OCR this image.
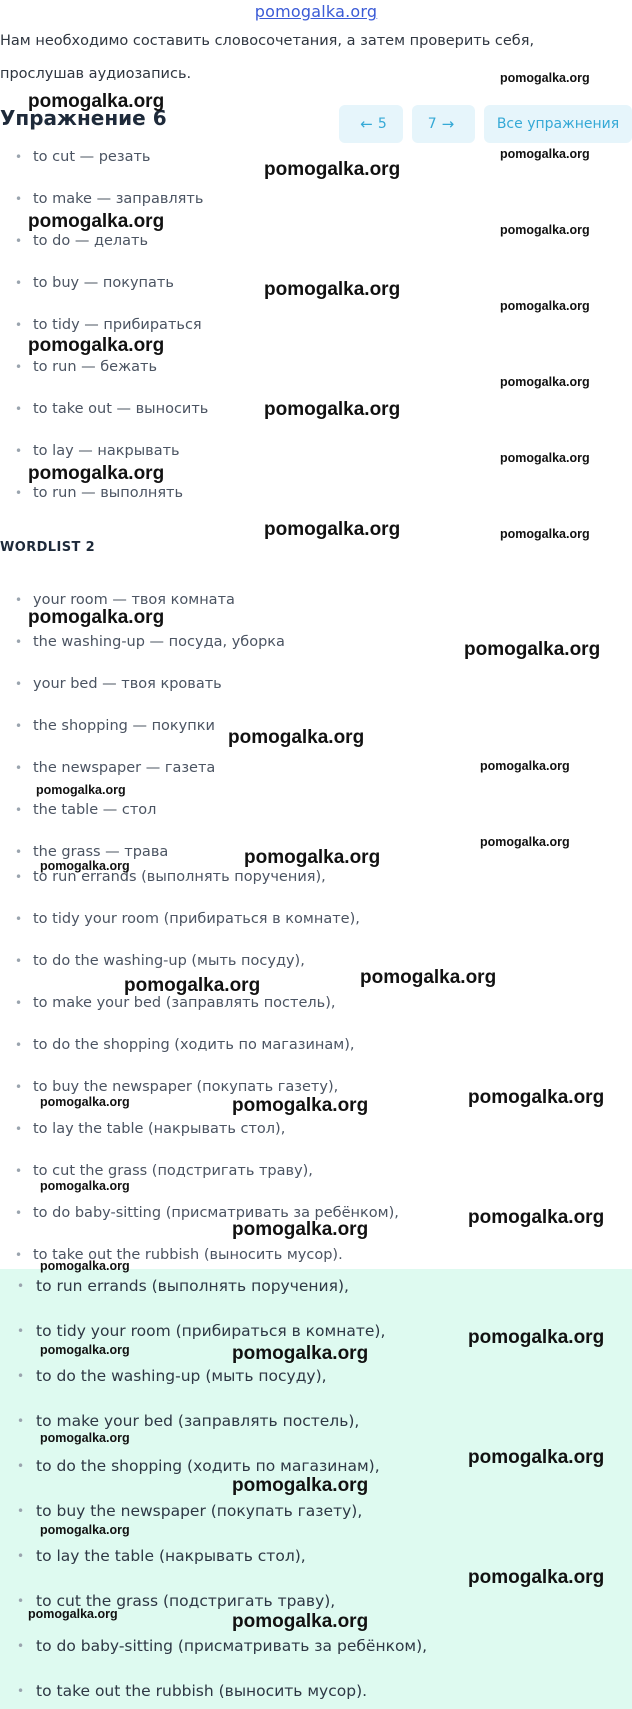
pomogalka.org
Нам необходимо составить словосочетания, а затем проверить себя,
прослушав аудиозапись.
Упражнение 6	← 5	7 →	Все упражнения
• to cut — резать
• to make — заправлять
• to do — делать
• to buy — покупать
• to tidy — прибираться
• to run — бежать
• to take out — выносить
• to lay — накрывать
• to run — выполнять
WORDLIST 2
• your room — твоя комната
• the washing-up — посуда, уборка
• your bed — твоя кровать
• the shopping — покупки
• the newspaper — газета
• the table — стол
• the grass — трава
• to run errands (выполнять поручения),
• to tidy your room (прибираться в комнате),
• to do the washing-up (мыть посуду),
• to make your bed (заправлять постель),
• to do the shopping (ходить по магазинам),
• to buy the newspaper (покупать газету),
• to lay the table (накрывать стол),
• to cut the grass (подстригать траву),
• to do baby-sitting (присматривать за ребёнком),
• to take out the rubbish (выносить мусор).
• to run errands (выполнять поручения),
• to tidy your room (прибираться в комнате),
• to do the washing-up (мыть посуду),
• to make your bed (заправлять постель),
• to do the shopping (ходить по магазинам),
• to buy the newspaper (покупать газету),
• to lay the table (накрывать стол),
• to cut the grass (подстригать траву),
• to do baby-sitting (присматривать за ребёнком),
• to take out the rubbish (выносить мусор).
pomogalka.org
pomogalka.org
pomogalka.org
pomogalka.org
pomogalka.org	pomogalka.org
pomogalka.org
pomogalka.org
pomogalka.org
pomogalka.org
pomogalka.org
pomogalka.org
pomogalka.org
pomogalka.org	pomogalka.org
pomogalka.org
pomogalka.org
pomogalka.org
pomogalka.org
pomogalka.org
pomogalka.org
pomogalka.org
pomogalka.org
pomogalka.org
pomogalka.org
pomogalka.org
pomogalka.org	pomogalka.org
pomogalka.org
pomogalka.org
pomogalka.org
pomogalka.org
pomogalka.org
pomogalka.org	pomogalka.org
pomogalka.org
pomogalka.org
pomogalka.org
pomogalka.org
pomogalka.org
pomogalka.org	pomogalka.org
